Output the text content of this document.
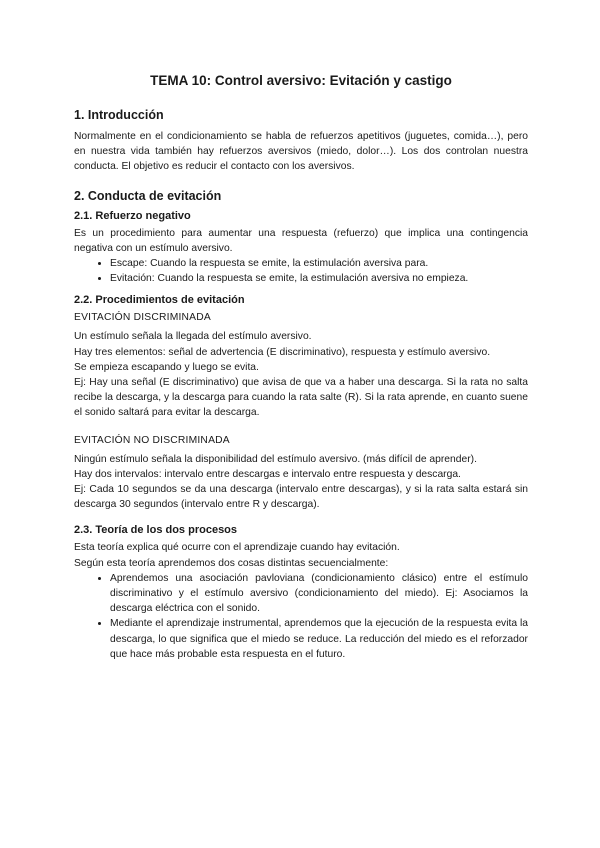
TEMA 10: Control aversivo: Evitación y castigo
1. Introducción

Normalmente en el condicionamiento se habla de refuerzos apetitivos (juguetes, comida…), pero en nuestra vida también hay refuerzos aversivos (miedo, dolor…). Los dos controlan nuestra conducta. El objetivo es reducir el contacto con los aversivos.

2. Conducta de evitación
2.1. Refuerzo negativo

Es un procedimiento para aumentar una respuesta (refuerzo) que implica una contingencia negativa con un estímulo aversivo.

• Escape: Cuando la respuesta se emite, la estimulación aversiva para.
• Evitación: Cuando la respuesta se emite, la estimulación aversiva no empieza.
2.2. Procedimientos de evitación

EVITACIÓN DISCRIMINADA

Un estímulo señala la llegada del estímulo aversivo.

Hay tres elementos: señal de advertencia (E discriminativo), respuesta y estímulo aversivo.

Se empieza escapando y luego se evita.

Ej: Hay una señal (E discriminativo) que avisa de que va a haber una descarga. Si la rata no salta recibe la descarga, y la descarga para cuando la rata salte (R). Si la rata aprende, en cuanto suene el sonido saltará para evitar la descarga.

EVITACIÓN NO DISCRIMINADA

Ningún estímulo señala la disponibilidad del estímulo aversivo. (más difícil de aprender).

Hay dos intervalos: intervalo entre descargas e intervalo entre respuesta y descarga.

Ej: Cada 10 segundos se da una descarga (intervalo entre descargas), y si la rata salta estará sin descarga 30 segundos (intervalo entre R y descarga).

2.3. Teoría de los dos procesos

Esta teoría explica qué ocurre con el aprendizaje cuando hay evitación.

Según esta teoría aprendemos dos cosas distintas secuencialmente:

• Aprendemos una asociación pavloviana (condicionamiento clásico) entre el estímulo discriminativo y el estímulo aversivo (condicionamiento del miedo). Ej: Asociamos la descarga eléctrica con el sonido.
• Mediante el aprendizaje instrumental, aprendemos que la ejecución de la respuesta evita la descarga, lo que significa que el miedo se reduce. La reducción del miedo es el reforzador que hace más probable esta respuesta en el futuro.
